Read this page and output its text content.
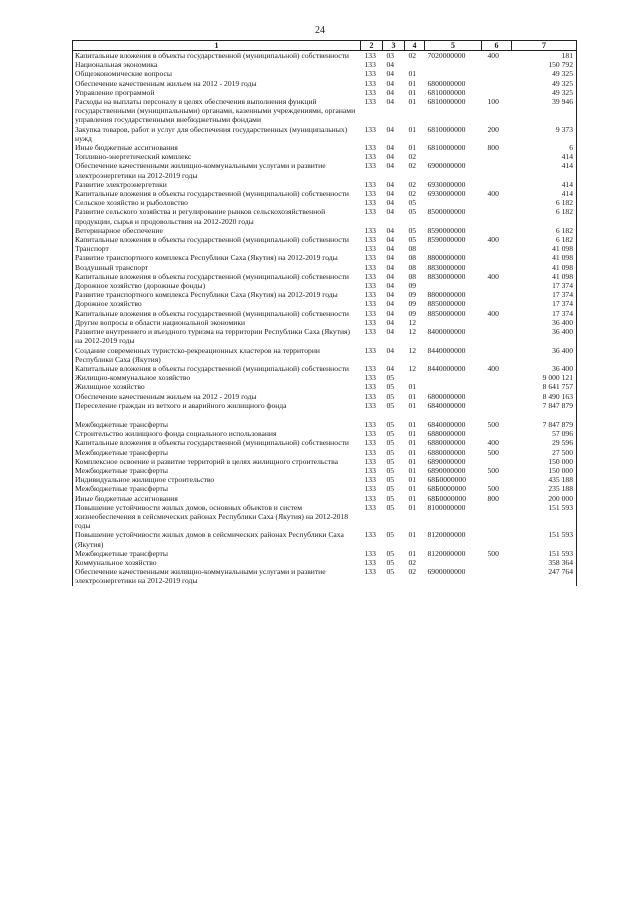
24
1	2	3	4	5	6	7
Капитальные вложения в объекты государственной (муниципальной) собственности	133	03	02	7020000000	400	181
Национальная экономика	133	04				150 792
Общеэкономические вопросы	133	04	01			49 325
Обеспечение качественным жильем на 2012 - 2019 годы	133	04	01	6800000000		49 325
Управление программой	133	04	01	6810000000		49 325
Расходы на выплаты персоналу в целях обеспечения выполнения функций государственными (муниципальными) органами, казенными учреждениями, органами управления государственными внебюджетными фондами	133	04	01	6810000000	100	39 946
Закупка товаров, работ и услуг для обеспечения государственных (муниципальных) нужд	133	04	01	6810000000	200	9 373
Иные бюджетные ассигнования	133	04	01	6810000000	800	6
Топливно-энергетический комплекс	133	04	02			414
Обеспечение качественными жилищно-коммунальными услугами и развитие электроэнергетики на 2012-2019 годы	133	04	02	6900000000		414
Развитие электроэнергетики	133	04	02	6930000000		414
Капитальные вложения в объекты государственной (муниципальной) собственности	133	04	02	6930000000	400	414
Сельское хозяйство и рыболовство	133	04	05			6 182
Развитие сельского хозяйства и регулирование рынков сельскохозяйственной продукции, сырья и продовольствия на 2012-2020 годы	133	04	05	8500000000		6 182
Ветеринарное обеспечение	133	04	05	8590000000		6 182
Капитальные вложения в объекты государственной (муниципальной) собственности	133	04	05	8590000000	400	6 182
Транспорт	133	04	08			41 098
Развитие транспортного комплекса Республики Саха (Якутия) на 2012-2019 годы	133	04	08	8800000000		41 098
Воздушный транспорт	133	04	08	8830000000		41 098
Капитальные вложения в объекты государственной (муниципальной) собственности	133	04	08	8830000000	400	41 098
Дорожное хозяйство (дорожные фонды)	133	04	09			17 374
Развитие транспортного комплекса Республики Саха (Якутия) на 2012-2019 годы	133	04	09	8800000000		17 374
Дорожное хозяйство	133	04	09	8850000000		17 374
Капитальные вложения в объекты государственной (муниципальной) собственности	133	04	09	8850000000	400	17 374
Другие вопросы в области национальной экономики	133	04	12			36 400
Развитие внутреннего и въездного туризма на территории Республики Саха (Якутия) на 2012-2019 годы	133	04	12	8400000000		36 400
Создание современных туристско-рекреационных кластеров на территории Республики Саха (Якутия)	133	04	12	8440000000		36 400
Капитальные вложения в объекты государственной (муниципальной) собственности	133	04	12	8440000000	400	36 400
Жилищно-коммунальное хозяйство	133	05				9 000 121
Жилищное хозяйство	133	05	01			8 641 757
Обеспечение качественным жильем на 2012 - 2019 годы	133	05	01	6800000000		8 490 163
Переселение граждан из ветхого и аварийного жилищного фонда	133	05	01	6840000000		7 847 879

Межбюджетные трансферты	133	05	01	6840000000	500	7 847 879
Строительство жилищного фонда социального использования	133	05	01	6880000000		57 096
Капитальные вложения в объекты государственной (муниципальной) собственности	133	05	01	6880000000	400	29 596
Межбюджетные трансферты	133	05	01	6880000000	500	27 500
Комплексное освоение и развитие территорий в целях жилищного строительства	133	05	01	6890000000		150 000
Межбюджетные трансферты	133	05	01	6890000000	500	150 000
Индивидуальное жилищное строительство	133	05	01	68Б0000000		435 188
Межбюджетные трансферты	133	05	01	68Б0000000	500	235 188
Иные бюджетные ассигнования	133	05	01	68Б0000000	800	200 000
Повышение устойчивости жилых домов, основных объектов и систем жизнеобеспечения в сейсмических районах Республики Саха (Якутия) на 2012-2018 годы	133	05	01	8100000000		151 593
Повышение устойчивости жилых домов в сейсмических районах Республики Саха (Якутия)	133	05	01	8120000000		151 593
Межбюджетные трансферты	133	05	01	8120000000	500	151 593
Коммунальное хозяйство	133	05	02			358 364
Обеспечение качественными жилищно-коммунальными услугами и развитие электроэнергетики на 2012-2019 годы	133	05	02	6900000000		247 764
